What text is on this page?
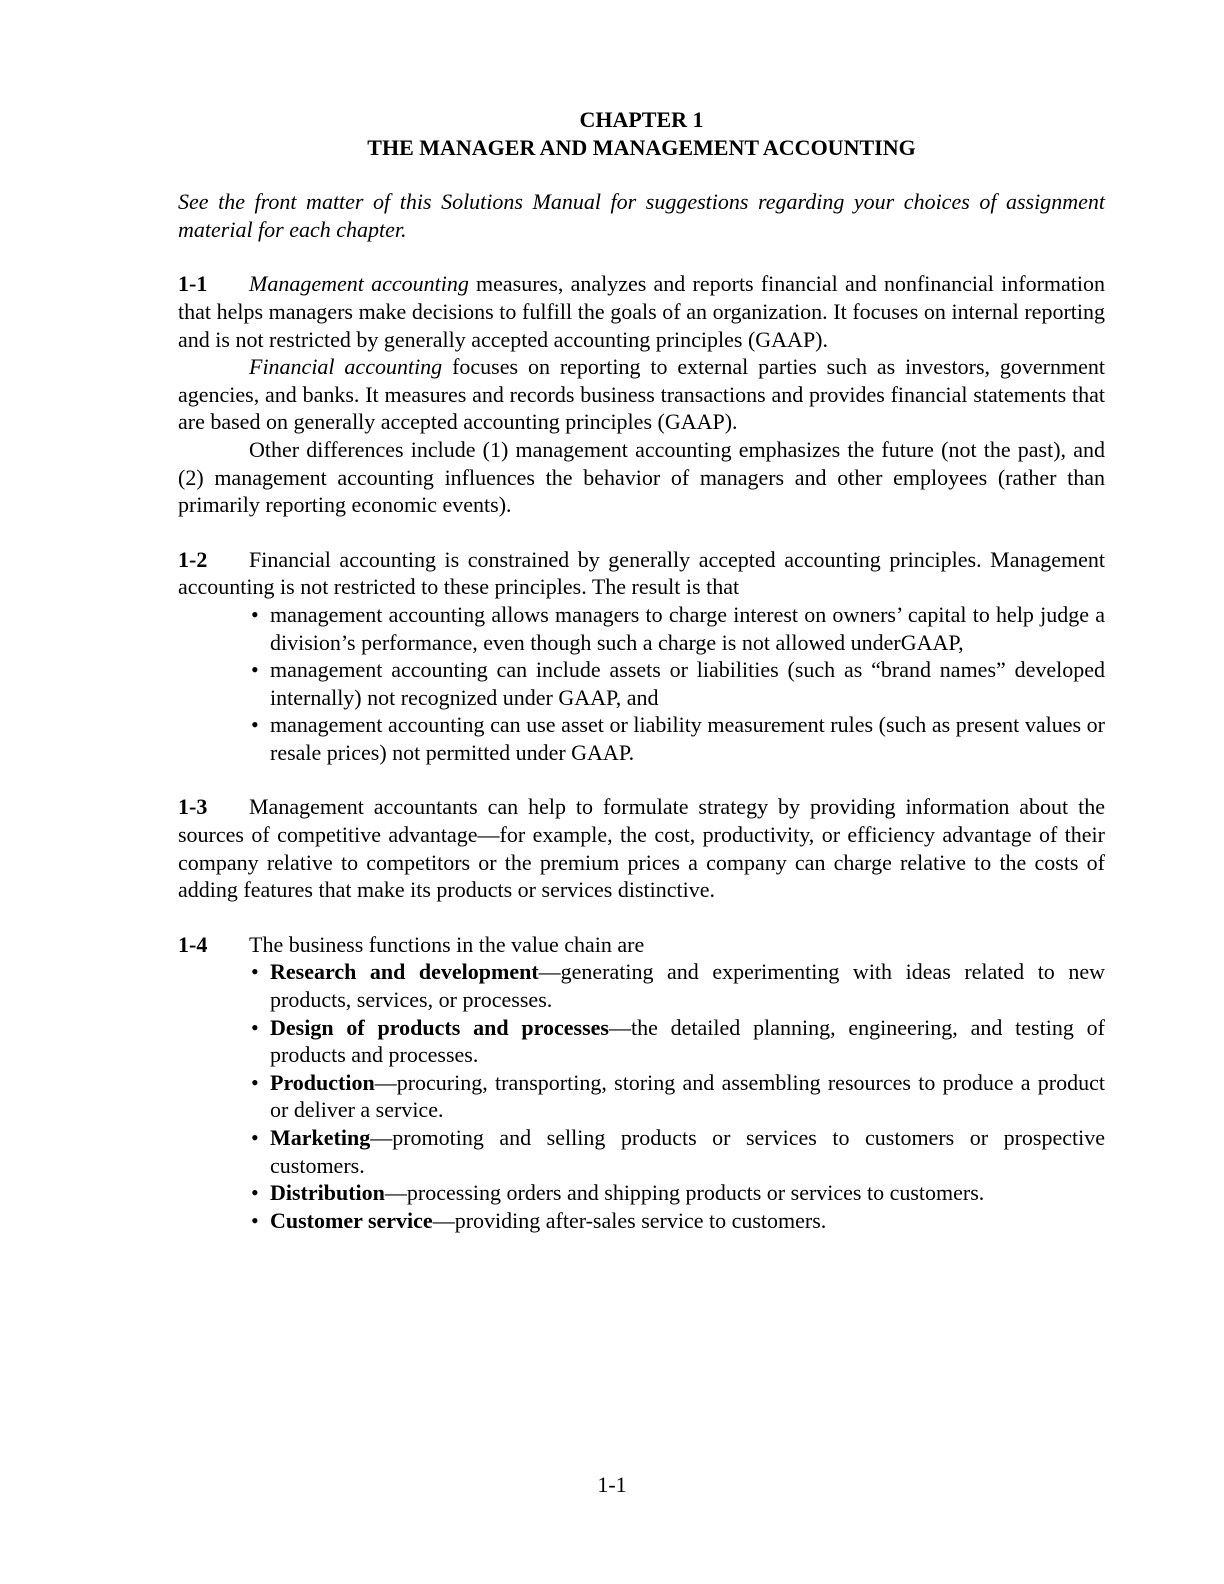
CHAPTER 1
THE MANAGER AND MANAGEMENT ACCOUNTING
See the front matter of this Solutions Manual for suggestions regarding your choices of assignment material for each chapter.
1-1 Management accounting measures, analyzes and reports financial and nonfinancial information that helps managers make decisions to fulfill the goals of an organization. It focuses on internal reporting and is not restricted by generally accepted accounting principles (GAAP).
Financial accounting focuses on reporting to external parties such as investors, government agencies, and banks. It measures and records business transactions and provides financial statements that are based on generally accepted accounting principles (GAAP).
Other differences include (1) management accounting emphasizes the future (not the past), and (2) management accounting influences the behavior of managers and other employees (rather than primarily reporting economic events).
1-2 Financial accounting is constrained by generally accepted accounting principles. Management accounting is not restricted to these principles. The result is that
• management accounting allows managers to charge interest on owners’ capital to help judge a division’s performance, even though such a charge is not allowed underGAAP,
• management accounting can include assets or liabilities (such as “brand names” developed internally) not recognized under GAAP, and
• management accounting can use asset or liability measurement rules (such as present values or resale prices) not permitted under GAAP.
1-3 Management accountants can help to formulate strategy by providing information about the sources of competitive advantage—for example, the cost, productivity, or efficiency advantage of their company relative to competitors or the premium prices a company can charge relative to the costs of adding features that make its products or services distinctive.
1-4 The business functions in the value chain are
• Research and development—generating and experimenting with ideas related to new products, services, or processes.
• Design of products and processes—the detailed planning, engineering, and testing of products and processes.
• Production—procuring, transporting, storing and assembling resources to produce a product or deliver a service.
• Marketing—promoting and selling products or services to customers or prospective customers.
• Distribution—processing orders and shipping products or services to customers.
• Customer service—providing after-sales service to customers.
1-1
